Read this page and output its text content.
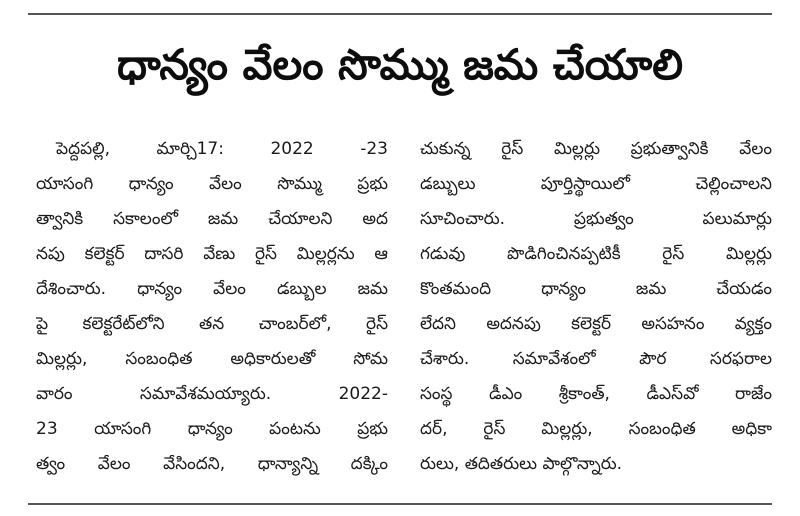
ధాన్యం వేలం సొమ్ము జమ చేయాలి
పెద్దపల్లి, మార్చి17: 2022 -23
యాసంగి ధాన్యం వేలం సొమ్ము ప్రభు
త్వానికి సకాలంలో జమ చేయాలని అద
నపు కలెక్టర్ దాసరి వేణు రైస్ మిల్లర్లను ఆ
దేశించారు. ధాన్యం వేలం డబ్బుల జమ
పై కలెక్టరేట్‌లోని తన చాంబర్‌లో, రైస్
మిల్లర్లు, సంబంధిత అధికారులతో సోమ
వారం సమావేశమయ్యారు. 2022-
23 యాసంగి ధాన్యం పంటను ప్రభు
త్వం వేలం వేసిందని, ధాన్యాన్ని దక్కిం
చుకున్న రైస్ మిల్లర్లు ప్రభుత్వానికి వేలం
డబ్బులు పూర్తిస్థాయిలో చెల్లించాలని
సూచించారు. ప్రభుత్వం పలుమార్లు
గడువు పొడిగించినప్పటికీ రైస్ మిల్లర్లు
కొంతమంది ధాన్యం జమ చేయడం
లేదని అదనపు కలెక్టర్ అసహనం వ్యక్తం
చేశారు. సమావేశంలో పౌర సరఫరాల
సంస్థ డీఎం శ్రీకాంత్, డీఎస్‌వో రాజేం
దర్, రైస్ మిల్లర్లు, సంబంధిత అధికా
రులు, తదితరులు పాల్గొన్నారు.
